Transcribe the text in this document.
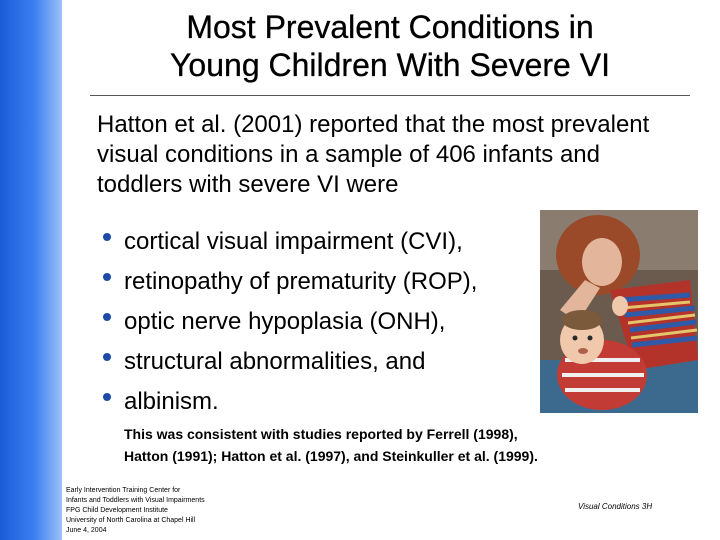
Most Prevalent Conditions in
Young Children With Severe VI
Hatton et al. (2001) reported that the most prevalent visual conditions in a sample of 406 infants and toddlers with severe VI were
cortical visual impairment (CVI),
retinopathy of prematurity (ROP),
optic nerve hypoplasia (ONH),
structural abnormalities, and
albinism.
This was consistent with studies reported by Ferrell (1998),
Hatton (1991); Hatton et al. (1997), and Steinkuller et al. (1999).
Early Intervention Training Center for
Infants and Toddlers with Visual Impairments
FPG Child Development Institute
University of North Carolina at Chapel Hill
June 4, 2004
Visual Conditions 3H
